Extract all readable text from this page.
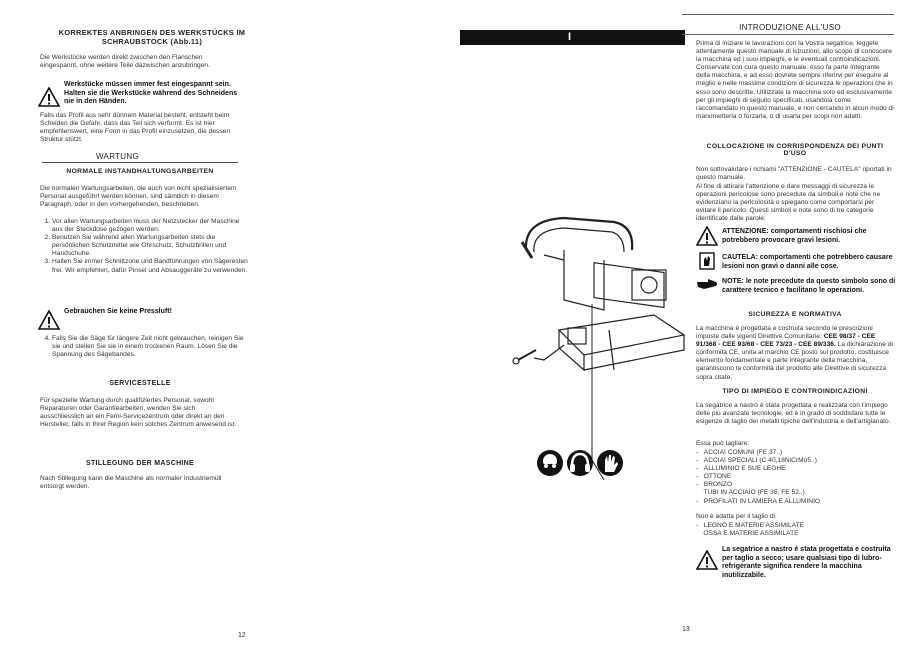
KORREKTES ANBRINGEN DES WERKSTÜCKS IM SCHRAUBSTOCK (Abb.11)

Die Werkstücke werden direkt zwischen den Flanschen eingespannt, ohne weitere Teile dazwischen anzubringen.

Werkstücke müssen immer fest eingespannt sein. Halten sie die Werkstücke während des Schneidens nie in den Händen.

Falls das Profil aus sehr dünnem Material besteht, entsteht beim Scheiden die Gefahr, dass das Teil sich verformt. Es ist hier empfehlenswert, eine Form in das Profil einzusetzen, die dessen Struktur stützt.

WARTUNG
NORMALE INSTANDHALTUNGSARBEITEN

Die normalen Wartungsarbeiten, die auch von nicht spezialisiertem Personal ausgeführt werden können, sind sämtlich in diesem Paragraph, oder in den vorhergehenden, beschrieben.

1. Vor allen Wartungsarbeiten muss der Netzstecker der Maschine aus der Steckdose gezogen werden.
2. Benutzen Sie während allen Wartungsarbeiten stets die persönlichen Schutzmittel wie Ohrschutz, Schutzbrillen und Handschuhe.
3. Halten Sie immer Schnittzone und Bandführungen von Sägeresten frei. Wir empfehlen, dafür Pinsel und Absauggeräte zu verwenden.

Gebrauchen Sie keine Pressluft!

4. Falls Sie die Säge für längere Zeit nicht gebrauchen, reinigen Sie sie und stellen Sie sie in einem trockenen Raum. Lösen Sie die Spannung des Sägebandes.
SERVICESTELLE

Für spezielle Wartung durch qualifiziertes Personal, sowohl Reparaturen oder Garantiearbeiten, wenden Sie sich ausschliesslich an ein Femi-Servicezentrum oder direkt an den Hersteller, falls in Ihrer Region kein solches Zentrum anwesend ist.

STILLEGUNG DER MASCHINE

Nach Stillegung kann die Maschine als normaler Industriemüll entsorgt werden.

12
I
INTRODUZIONE ALL'USO

Prima di iniziare le lavorazioni con la Vostra segatrice, leggete attentamente questo manuale di istruzioni, allo scopo di conoscere la macchina ed i suoi impieghi, e le eventuali controindicazioni. Conservate con cura questo manuale: esso fa parte integrante della macchina, e ad esso dovrete sempre riferirvi per eseguire al meglio e nelle massime condizioni di sicurezza le operazioni che in esso sono descritte. Utilizzate la macchina solo ed esclusivamente per gli impieghi di seguito specificati, usandola come raccomandato in questo manuale, e non cercando in alcun modo di manometterla o forzarla, o di usarla per scopi non adatti.

COLLOCAZIONE IN CORRISPONDENZA DEI PUNTI D'USO

Non sottovalutare i richiami "ATTENZIONE - CAUTELA" riportati in questo manuale.

Al fine di attirare l'attenzione e dare messaggi di sicurezza le operazioni pericolose sono precedute da simboli e note che ne evidenziano la pericolosità o spiegano come comportarsi per evitare il pericolo. Questi simboli e note sono di tre categorie identificate dalle parole:

ATTENZIONE: comportamenti rischiosi che potrebbero provocare gravi lesioni.

CAUTELA: comportamenti che potrebbero causare lesioni non gravi o danni alle cose.

NOTE: le note precedute da questo simbolo sono di carattere tecnico e facilitano le operazioni.

SICUREZZA E NORMATIVA

La macchina è progettata e costruita secondo le prescrizioni imposte dalle vigenti Direttive Comunitarie: CEE 98/37 - CEE 91/368 - CEE 93/68 - CEE 73/23 - CEE 89/336. La dichiarazione di conformità CE, unita al marchio CE posto sul prodotto, costituisce elemento fondamentale e parte integrante della macchina, garantiscono la conformità del prodotto alle Direttive di sicurezza sopra citate.

TIPO DI IMPIEGO E CONTROINDICAZIONI

La segatrice a nastro è stata progettata e realizzata con l'impiego delle più avanzate tecnologie, ed è in grado di soddisfare tutte le esigenze di taglio dei metalli tipiche dell'industria e dell'artigianato.

Essa può tagliare:

-   ACCIAI COMUNI (FE 37..)
-   ACCIAI SPECIALI (C 40,18NiCrMo5..)
-   ALLUMINIO E SUE LEGHE
-   OTTONE
-   BRONZO
TUBI IN ACCIAIO (FE 35, FE 52..)
-   PROFILATI IN LAMIERA E ALLUMINIO

Non è adatta per il taglio di:

-   LEGNO E MATERIE ASSIMILATE
OSSA E MATERIE ASSIMILATE

La segatrice a nastro è stata progettata e costruita per taglio a secco; usare qualsiasi tipo di lubro-refrigerante significa rendere la macchina inutilizzabile.

13
